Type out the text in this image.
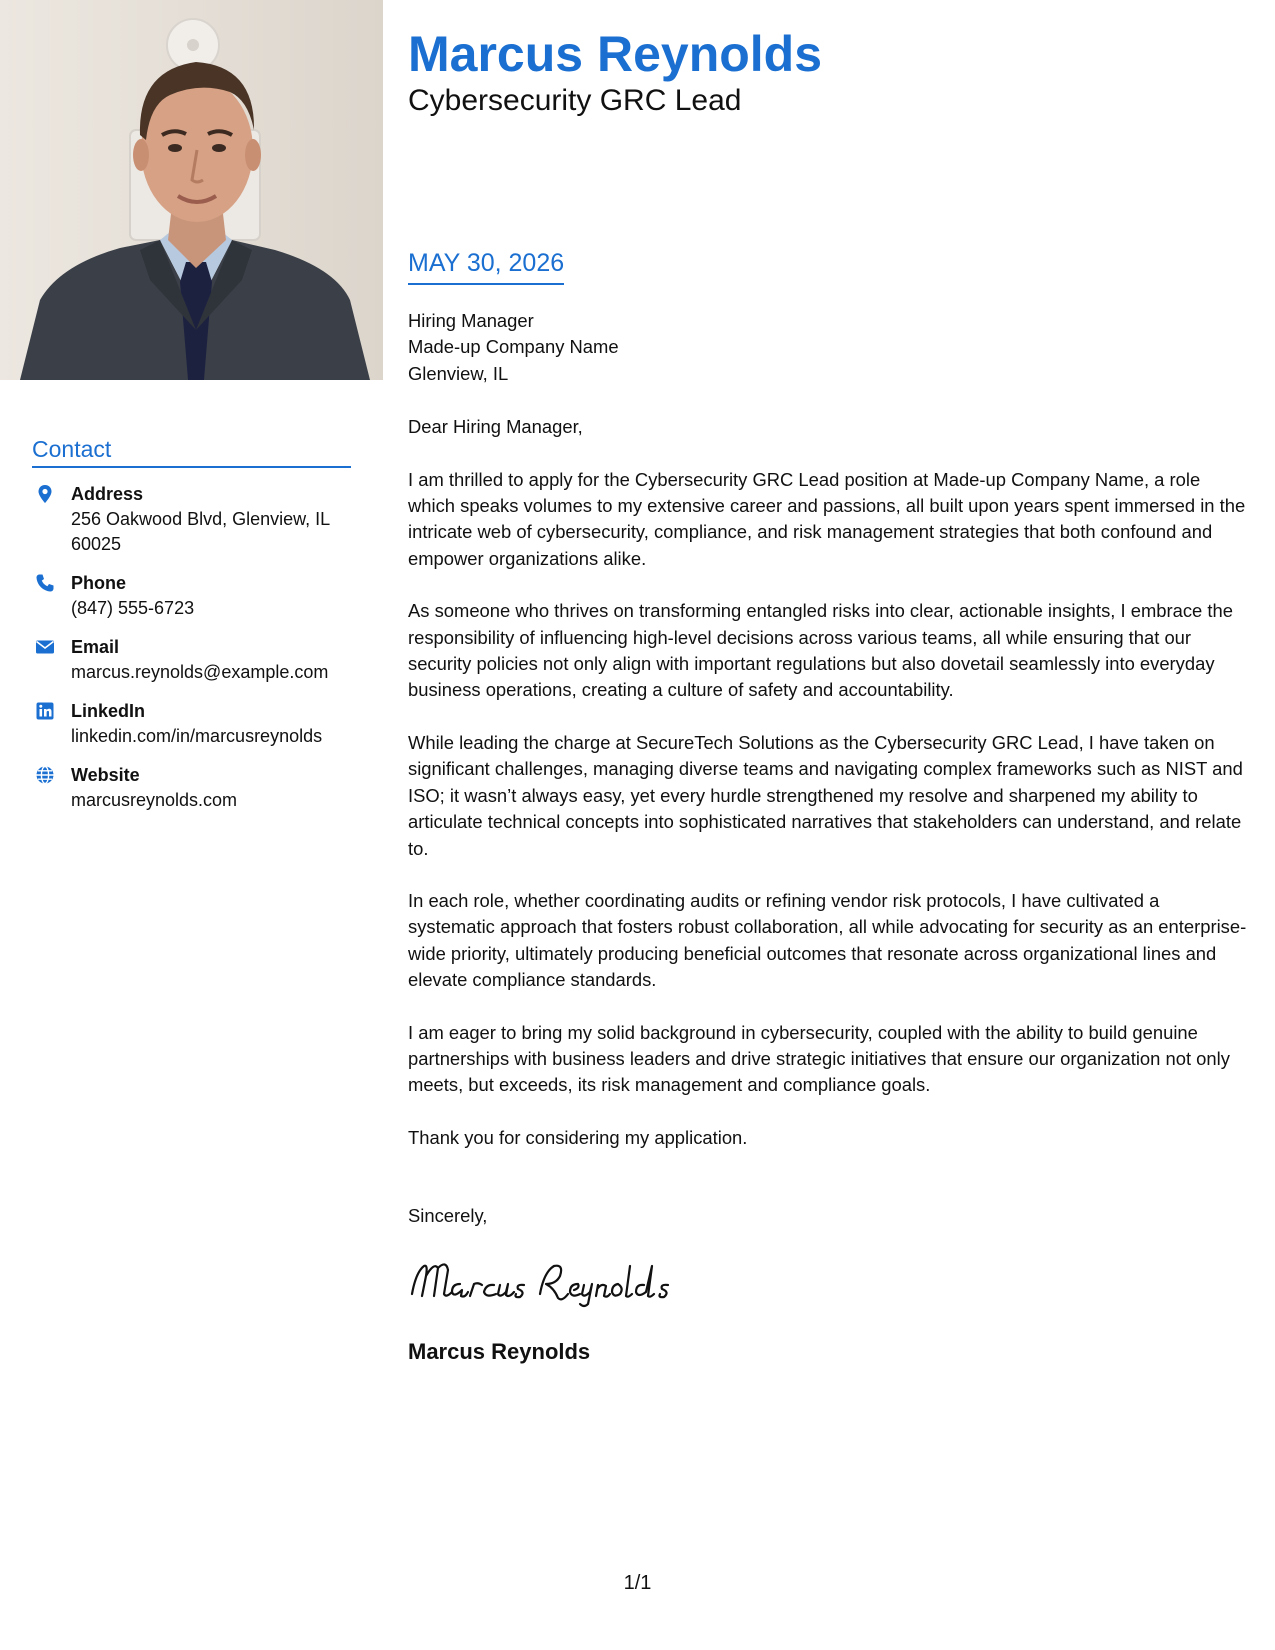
Contact
Address
256 Oakwood Blvd, Glenview, IL 60025
Phone
(847) 555-6723
Email
marcus.reynolds@example.com
LinkedIn
linkedin.com/in/marcusreynolds
Website
marcusreynolds.com
Marcus Reynolds
Cybersecurity GRC Lead
MAY 30, 2026
Hiring Manager
Made-up Company Name
Glenview, IL
Dear Hiring Manager,
I am thrilled to apply for the Cybersecurity GRC Lead position at Made-up Company Name, a role which speaks volumes to my extensive career and passions, all built upon years spent immersed in the intricate web of cybersecurity, compliance, and risk management strategies that both confound and empower organizations alike.
As someone who thrives on transforming entangled risks into clear, actionable insights, I embrace the responsibility of influencing high-level decisions across various teams, all while ensuring that our security policies not only align with important regulations but also dovetail seamlessly into everyday business operations, creating a culture of safety and accountability.
While leading the charge at SecureTech Solutions as the Cybersecurity GRC Lead, I have taken on significant challenges, managing diverse teams and navigating complex frameworks such as NIST and ISO; it wasn’t always easy, yet every hurdle strengthened my resolve and sharpened my ability to articulate technical concepts into sophisticated narratives that stakeholders can understand, and relate to.
In each role, whether coordinating audits or refining vendor risk protocols, I have cultivated a systematic approach that fosters robust collaboration, all while advocating for security as an enterprise-wide priority, ultimately producing beneficial outcomes that resonate across organizational lines and elevate compliance standards.
I am eager to bring my solid background in cybersecurity, coupled with the ability to build genuine partnerships with business leaders and drive strategic initiatives that ensure our organization not only meets, but exceeds, its risk management and compliance goals.
Thank you for considering my application.
Sincerely,
Marcus Reynolds
1/1
